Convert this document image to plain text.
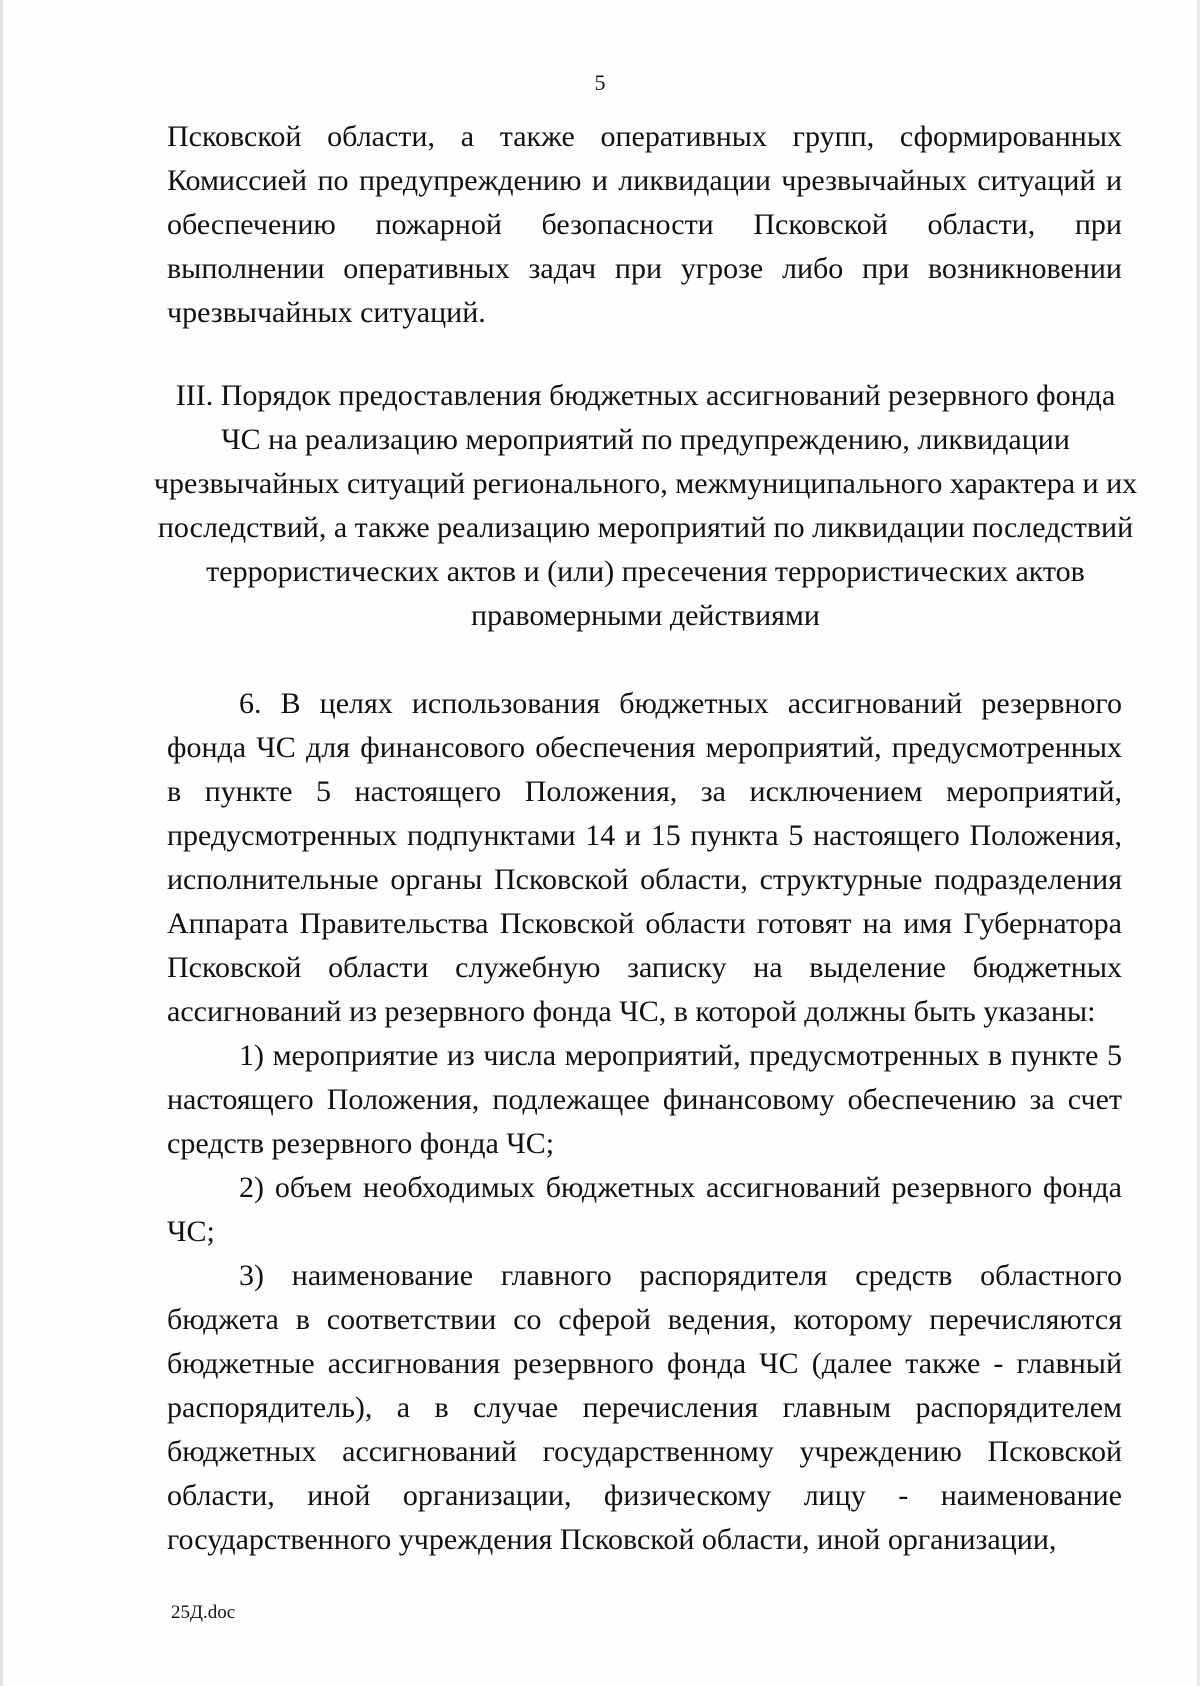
5
Псковской области, а также оперативных групп, сформированных Комиссией по предупреждению и ликвидации чрезвычайных ситуаций и обеспечению пожарной безопасности Псковской области, при выполнении оперативных задач при угрозе либо при возникновении чрезвычайных ситуаций.
III. Порядок предоставления бюджетных ассигнований резервного фонда ЧС на реализацию мероприятий по предупреждению, ликвидации чрезвычайных ситуаций регионального, межмуниципального характера и их последствий, а также реализацию мероприятий по ликвидации последствий террористических актов и (или) пресечения террористических актов правомерными действиями

6. В целях использования бюджетных ассигнований резервного фонда ЧС для финансового обеспечения мероприятий, предусмотренных в пункте 5 настоящего Положения, за исключением мероприятий, предусмотренных подпунктами 14 и 15 пункта 5 настоящего Положения, исполнительные органы Псковской области, структурные подразделения Аппарата Правительства Псковской области готовят на имя Губернатора Псковской области служебную записку на выделение бюджетных ассигнований из резервного фонда ЧС, в которой должны быть указаны:

1) мероприятие из числа мероприятий, предусмотренных в пункте 5 настоящего Положения, подлежащее финансовому обеспечению за счет средств резервного фонда ЧС;

2) объем необходимых бюджетных ассигнований резервного фонда ЧС;

3) наименование главного распорядителя средств областного бюджета в соответствии со сферой ведения, которому перечисляются бюджетные ассигнования резервного фонда ЧС (далее также - главный распорядитель), а в случае перечисления главным распорядителем бюджетных ассигнований государственному учреждению Псковской области, иной организации, физическому лицу - наименование государственного учреждения Псковской области, иной организации,

25Д.doc
